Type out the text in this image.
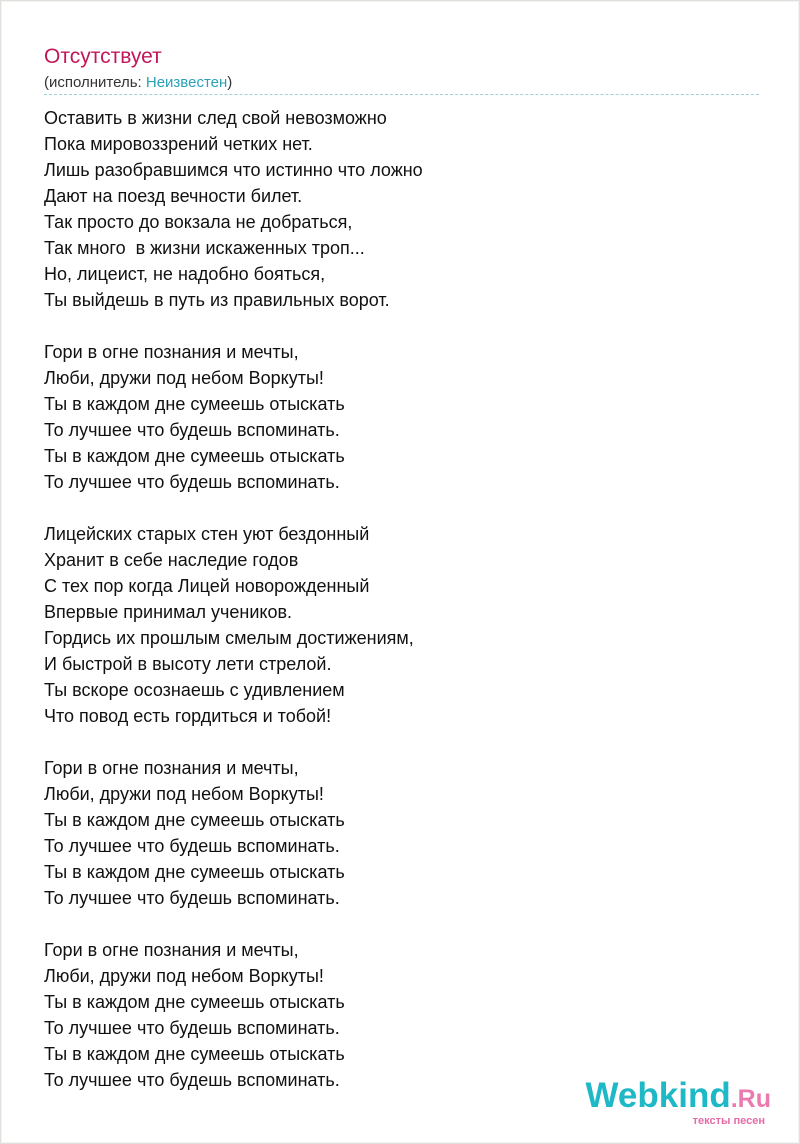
Отсутствует
(исполнитель: Неизвестен)
Оставить в жизни след свой невозможно
Пока мировоззрений четких нет.
Лишь разобравшимся что истинно что ложно
Дают на поезд вечности билет.
Так просто до вокзала не добраться,
Так много  в жизни искаженных троп...
Но, лицеист, не надобно бояться,
Ты выйдешь в путь из правильных ворот.
Гори в огне познания и мечты,
Люби, дружи под небом Воркуты!
Ты в каждом дне сумеешь отыскать
То лучшее что будешь вспоминать.
Ты в каждом дне сумеешь отыскать
То лучшее что будешь вспоминать.
Лицейских старых стен уют бездонный
Хранит в себе наследие годов
С тех пор когда Лицей новорожденный
Впервые принимал учеников.
Гордись их прошлым смелым достижениям,
И быстрой в высоту лети стрелой.
Ты вскоре осознаешь с удивлением
Что повод есть гордиться и тобой!
Гори в огне познания и мечты,
Люби, дружи под небом Воркуты!
Ты в каждом дне сумеешь отыскать
То лучшее что будешь вспоминать.
Ты в каждом дне сумеешь отыскать
То лучшее что будешь вспоминать.
Гори в огне познания и мечты,
Люби, дружи под небом Воркуты!
Ты в каждом дне сумеешь отыскать
То лучшее что будешь вспоминать.
Ты в каждом дне сумеешь отыскать
То лучшее что будешь вспоминать.	Webkind.Ru
тексты песен
